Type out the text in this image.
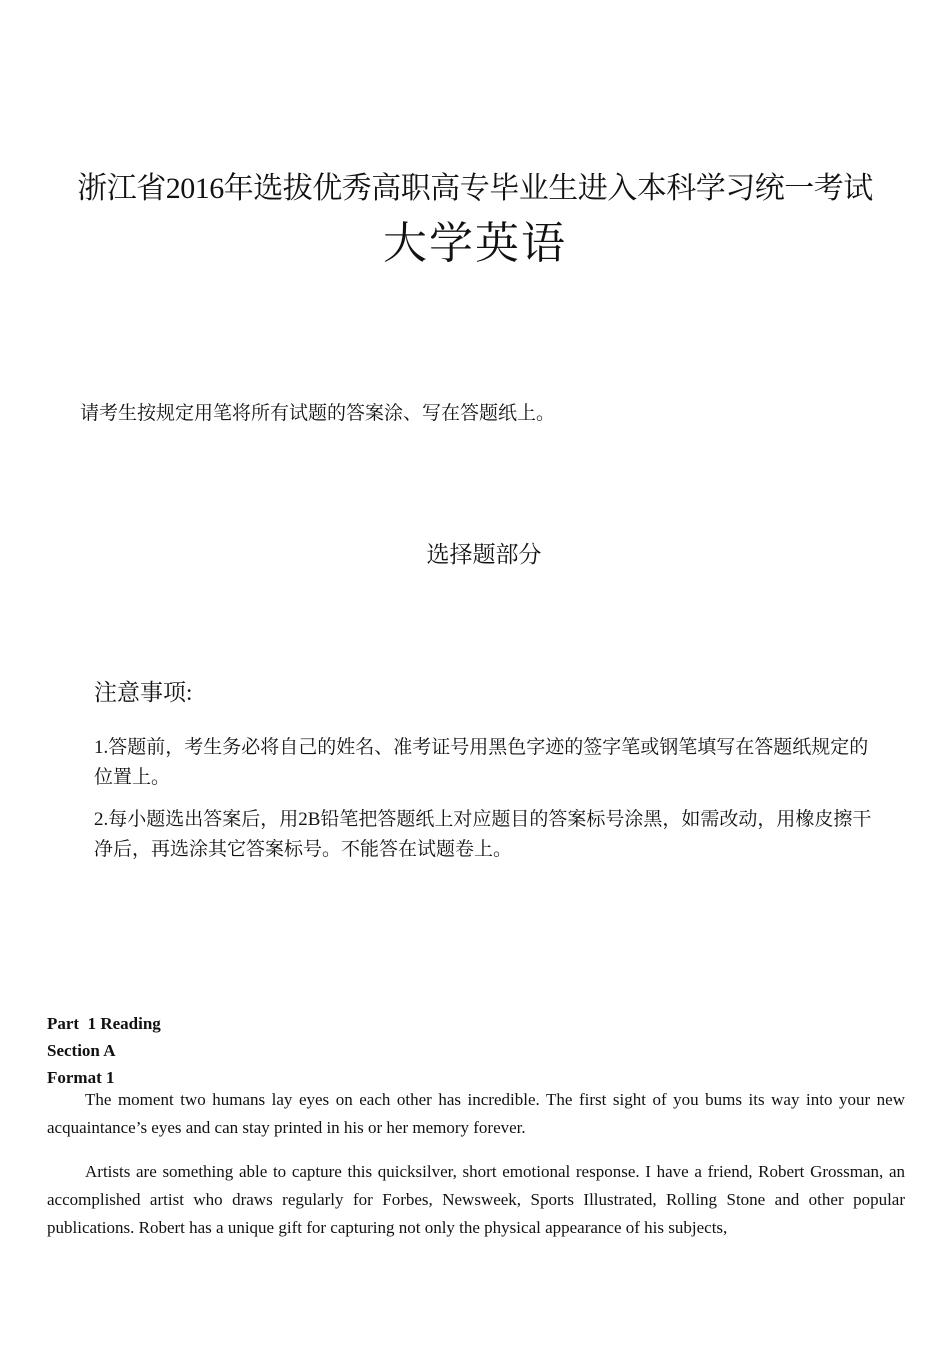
浙江省2016年选拔优秀高职高专毕业生进入本科学习统一考试
大学英语
请考生按规定用笔将所有试题的答案涂、写在答题纸上。
选择题部分
注意事项:
1.答题前，考生务必将自己的姓名、准考证号用黑色字迹的签字笔或钢笔填写在答题纸规定的位置上。
2.每小题选出答案后，用2B铅笔把答题纸上对应题目的答案标号涂黑，如需改动，用橡皮擦干净后，再选涂其它答案标号。不能答在试题卷上。
Part  1 Reading
Section A
Format 1
The moment two humans lay eyes on each other has incredible. The first sight of you bums its way into your new acquaintance’s eyes and can stay printed in his or her memory forever.
Artists are something able to capture this quicksilver, short emotional response. I have a friend, Robert Grossman, an accomplished artist who draws regularly for Forbes, Newsweek, Sports Illustrated, Rolling Stone and other popular publications. Robert has a unique gift for capturing not only the physical appearance of his subjects,
